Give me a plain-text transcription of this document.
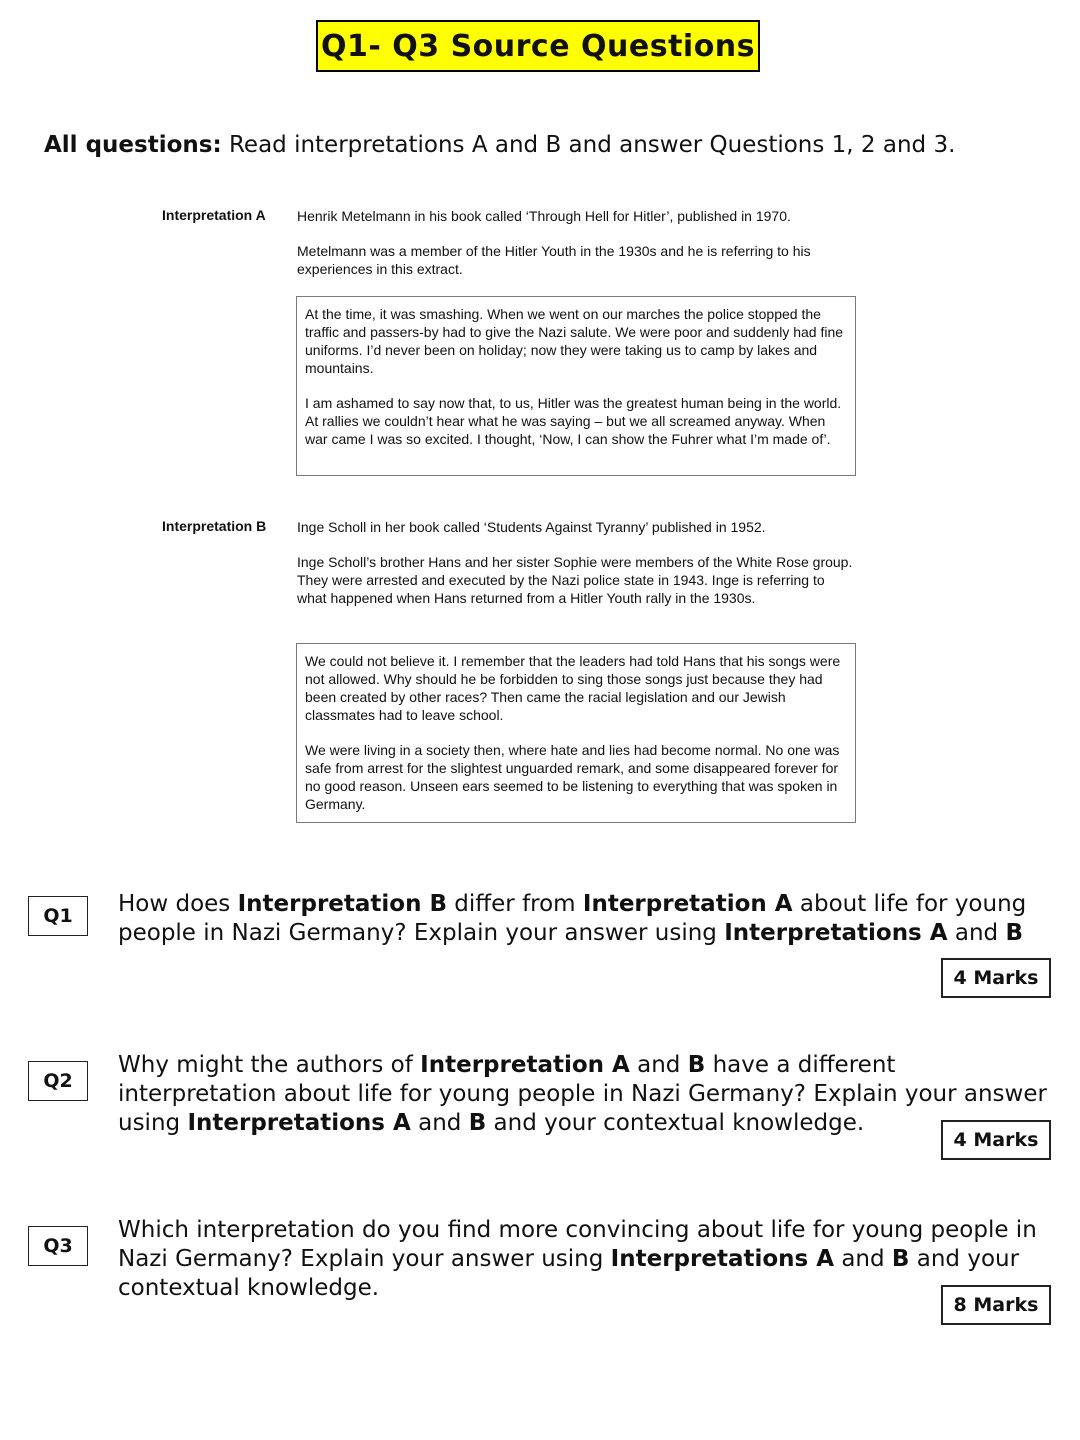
Q1- Q3 Source Questions
All questions: Read interpretations A and B and answer Questions 1, 2 and 3.
Interpretation A Henrik Metelmann in his book called ‘Through Hell for Hitler’, published in 1970.

Metelmann was a member of the Hitler Youth in the 1930s and he is referring to his experiences in this extract.

At the time, it was smashing. When we went on our marches the police stopped the traffic and passers-by had to give the Nazi salute. We were poor and suddenly had fine uniforms. I’d never been on holiday; now they were taking us to camp by lakes and mountains.

I am ashamed to say now that, to us, Hitler was the greatest human being in the world. At rallies we couldn’t hear what he was saying – but we all screamed anyway. When war came I was so excited. I thought, ‘Now, I can show the Fuhrer what I’m made of’.

Interpretation B Inge Scholl in her book called ‘Students Against Tyranny’ published in 1952.

Inge Scholl’s brother Hans and her sister Sophie were members of the White Rose group. They were arrested and executed by the Nazi police state in 1943. Inge is referring to what happened when Hans returned from a Hitler Youth rally in the 1930s.

We could not believe it. I remember that the leaders had told Hans that his songs were not allowed. Why should he be forbidden to sing those songs just because they had been created by other races? Then came the racial legislation and our Jewish classmates had to leave school.

We were living in a society then, where hate and lies had become normal. No one was safe from arrest for the slightest unguarded remark, and some disappeared forever for no good reason. Unseen ears seemed to be listening to everything that was spoken in Germany.

Q1	How does Interpretation B differ from Interpretation A about life for young people in Nazi Germany? Explain your answer using Interpretations A and B
4 Marks
Q2
Why might the authors of Interpretation A and B have a different interpretation about life for young people in Nazi Germany? Explain your answer using Interpretations A and B and your contextual knowledge.
4 Marks
Q3
Which interpretation do you find more convincing about life for young people in Nazi Germany? Explain your answer using Interpretations A and B and your contextual knowledge.
8 Marks
